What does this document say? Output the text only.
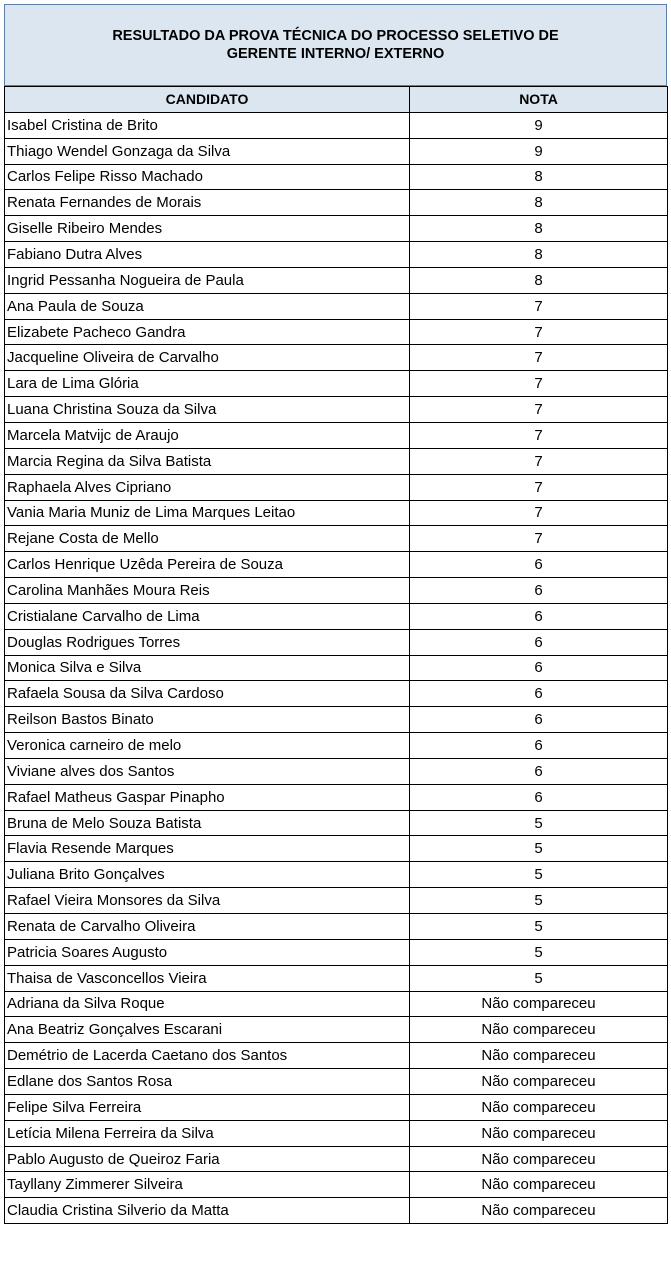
RESULTADO DA PROVA TÉCNICA DO PROCESSO SELETIVO DE
GERENTE INTERNO/ EXTERNO
CANDIDATO	NOTA
Isabel Cristina de Brito	9
Thiago Wendel Gonzaga da Silva	9
Carlos Felipe Risso Machado	8
Renata Fernandes de Morais	8
Giselle Ribeiro Mendes	8
Fabiano Dutra Alves	8
Ingrid Pessanha Nogueira de Paula	8
Ana Paula de Souza	7
Elizabete Pacheco Gandra	7
Jacqueline Oliveira de Carvalho	7
Lara de Lima Glória	7
Luana Christina Souza da Silva	7
Marcela Matvijc de Araujo	7
Marcia Regina da Silva Batista	7
Raphaela Alves Cipriano	7
Vania Maria Muniz de Lima Marques Leitao	7
Rejane Costa de Mello	7
Carlos Henrique Uzêda Pereira de Souza	6
Carolina Manhães Moura Reis	6
Cristialane Carvalho de Lima	6
Douglas Rodrigues Torres	6
Monica Silva e Silva	6
Rafaela Sousa da Silva Cardoso	6
Reilson Bastos Binato	6
Veronica carneiro de melo	6
Viviane alves dos Santos	6
Rafael Matheus Gaspar Pinapho	6
Bruna de Melo Souza Batista	5
Flavia Resende Marques	5
Juliana Brito Gonçalves	5
Rafael Vieira Monsores da Silva	5
Renata de Carvalho Oliveira	5
Patricia Soares Augusto	5
Thaisa de Vasconcellos Vieira	5
Adriana da Silva Roque	Não compareceu
Ana Beatriz Gonçalves Escarani	Não compareceu
Demétrio de Lacerda Caetano dos Santos	Não compareceu
Edlane dos Santos Rosa	Não compareceu
Felipe Silva Ferreira	Não compareceu
Letícia Milena Ferreira da Silva	Não compareceu
Pablo Augusto de Queiroz Faria	Não compareceu
Tayllany Zimmerer Silveira	Não compareceu
Claudia Cristina Silverio da Matta	Não compareceu
